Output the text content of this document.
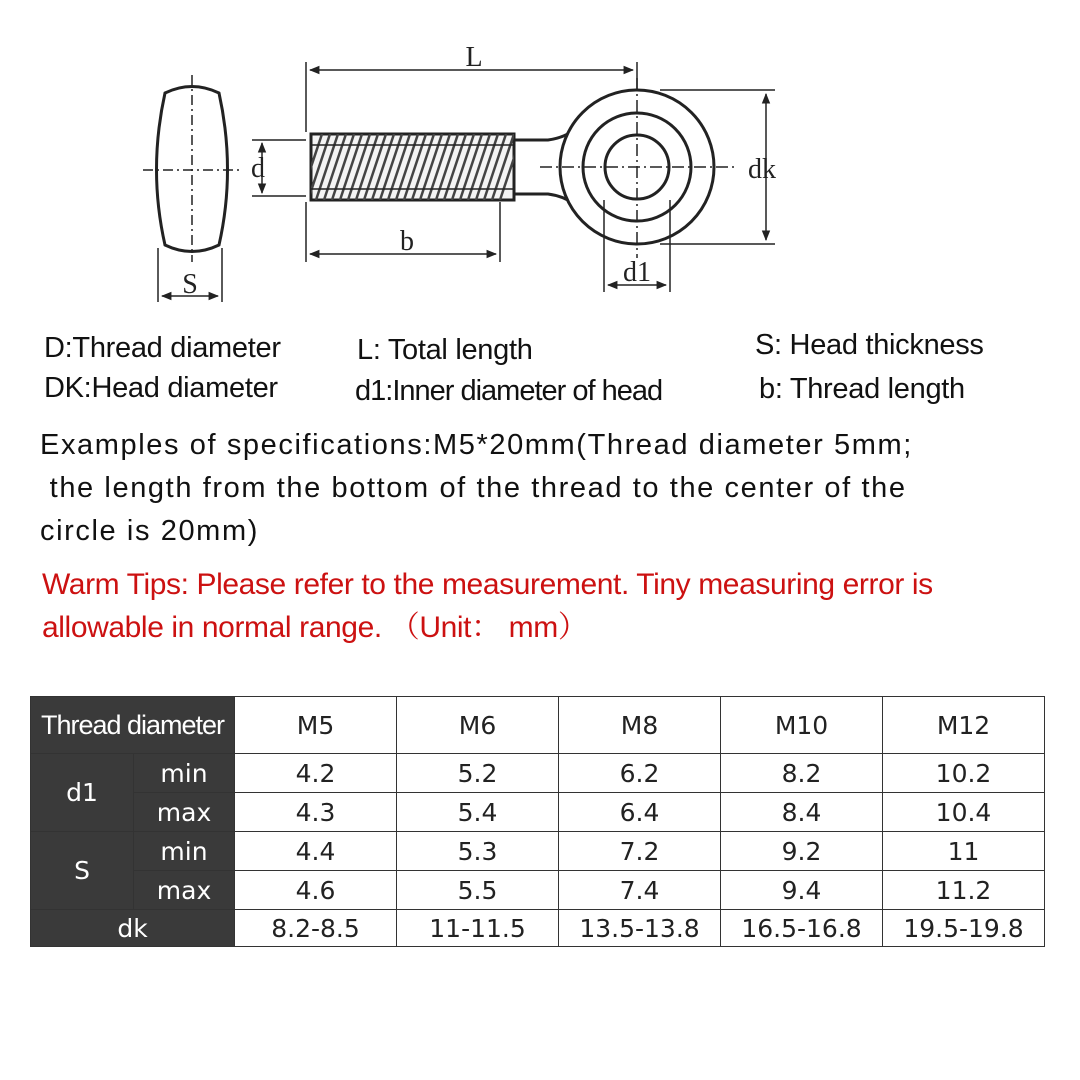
L
b
d	dk
d1
S
D:Thread diameter
DK:Head diameter
L: Total length
d1:Inner diameter of head
S: Head thickness
b: Thread length
Examples of specifications:M5*20mm(Thread diameter 5mm;
the length from the bottom of the thread to the center of the
circle is 20mm)
Warm Tips: Please refer to the measurement. Tiny measuring error is
allowable in normal range. （Unit： mm）
Thread diameter		M5	M6	M8	M10	M12
d1	min	4.2	5.2	6.2	8.2	10.2
	max	4.3	5.4	6.4	8.4	10.4
S	min	4.4	5.3	7.2	9.2	11
	max	4.6	5.5	7.4	9.4	11.2
dk		8.2-8.5	11-11.5	13.5-13.8	16.5-16.8	19.5-19.8
